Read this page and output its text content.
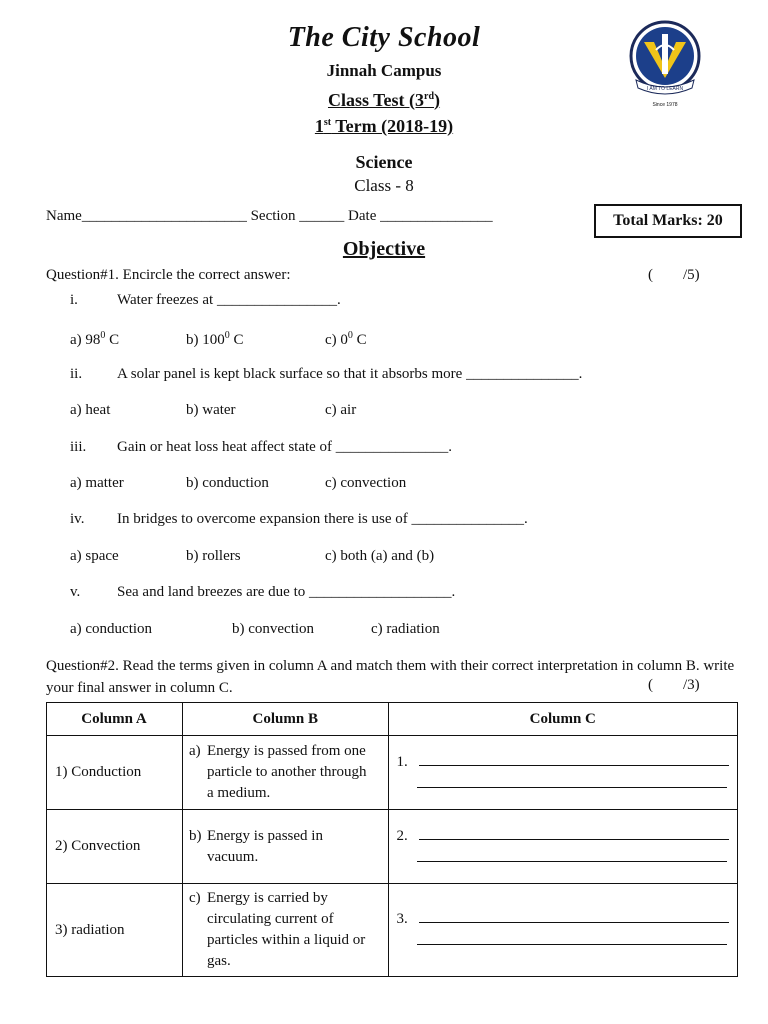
The City School
Jinnah Campus
Class Test (3rd)
1st Term (2018-19)
Science
Class - 8
I AM TO LEARN
Since 1978
Name______________________ Section ______ Date _______________	Total Marks: 20
Objective
Question#1. Encircle the correct answer:	(        /5)
i.	Water freezes at ________________.
a) $98^0$ C	b) $100^0$ C	c) $0^0$ C
ii. A solar panel is kept black surface so that it absorbs more _______________.
a) heat	b) water	c) air
iii. Gain or heat loss heat affect state of _______________.
a) matter	b) conduction	c) convection
iv. In bridges to overcome expansion there is use of _______________.
a) space	b) rollers	c) both (a) and (b)
v. Sea and land breezes are due to ___________________.
a) conduction	b) convection	c) radiation
Question#2. Read the terms given in column A and match them with their correct interpretation in column B. write your final answer in column C.	(        /3)
Column A	Column B	Column C
1) Conduction	a) Energy is passed from one particle to another through a medium.	1.

2) Convection	b) Energy is passed in vacuum.	2.

3) radiation	c) Energy is carried by circulating current of particles within a liquid or gas.	3.
